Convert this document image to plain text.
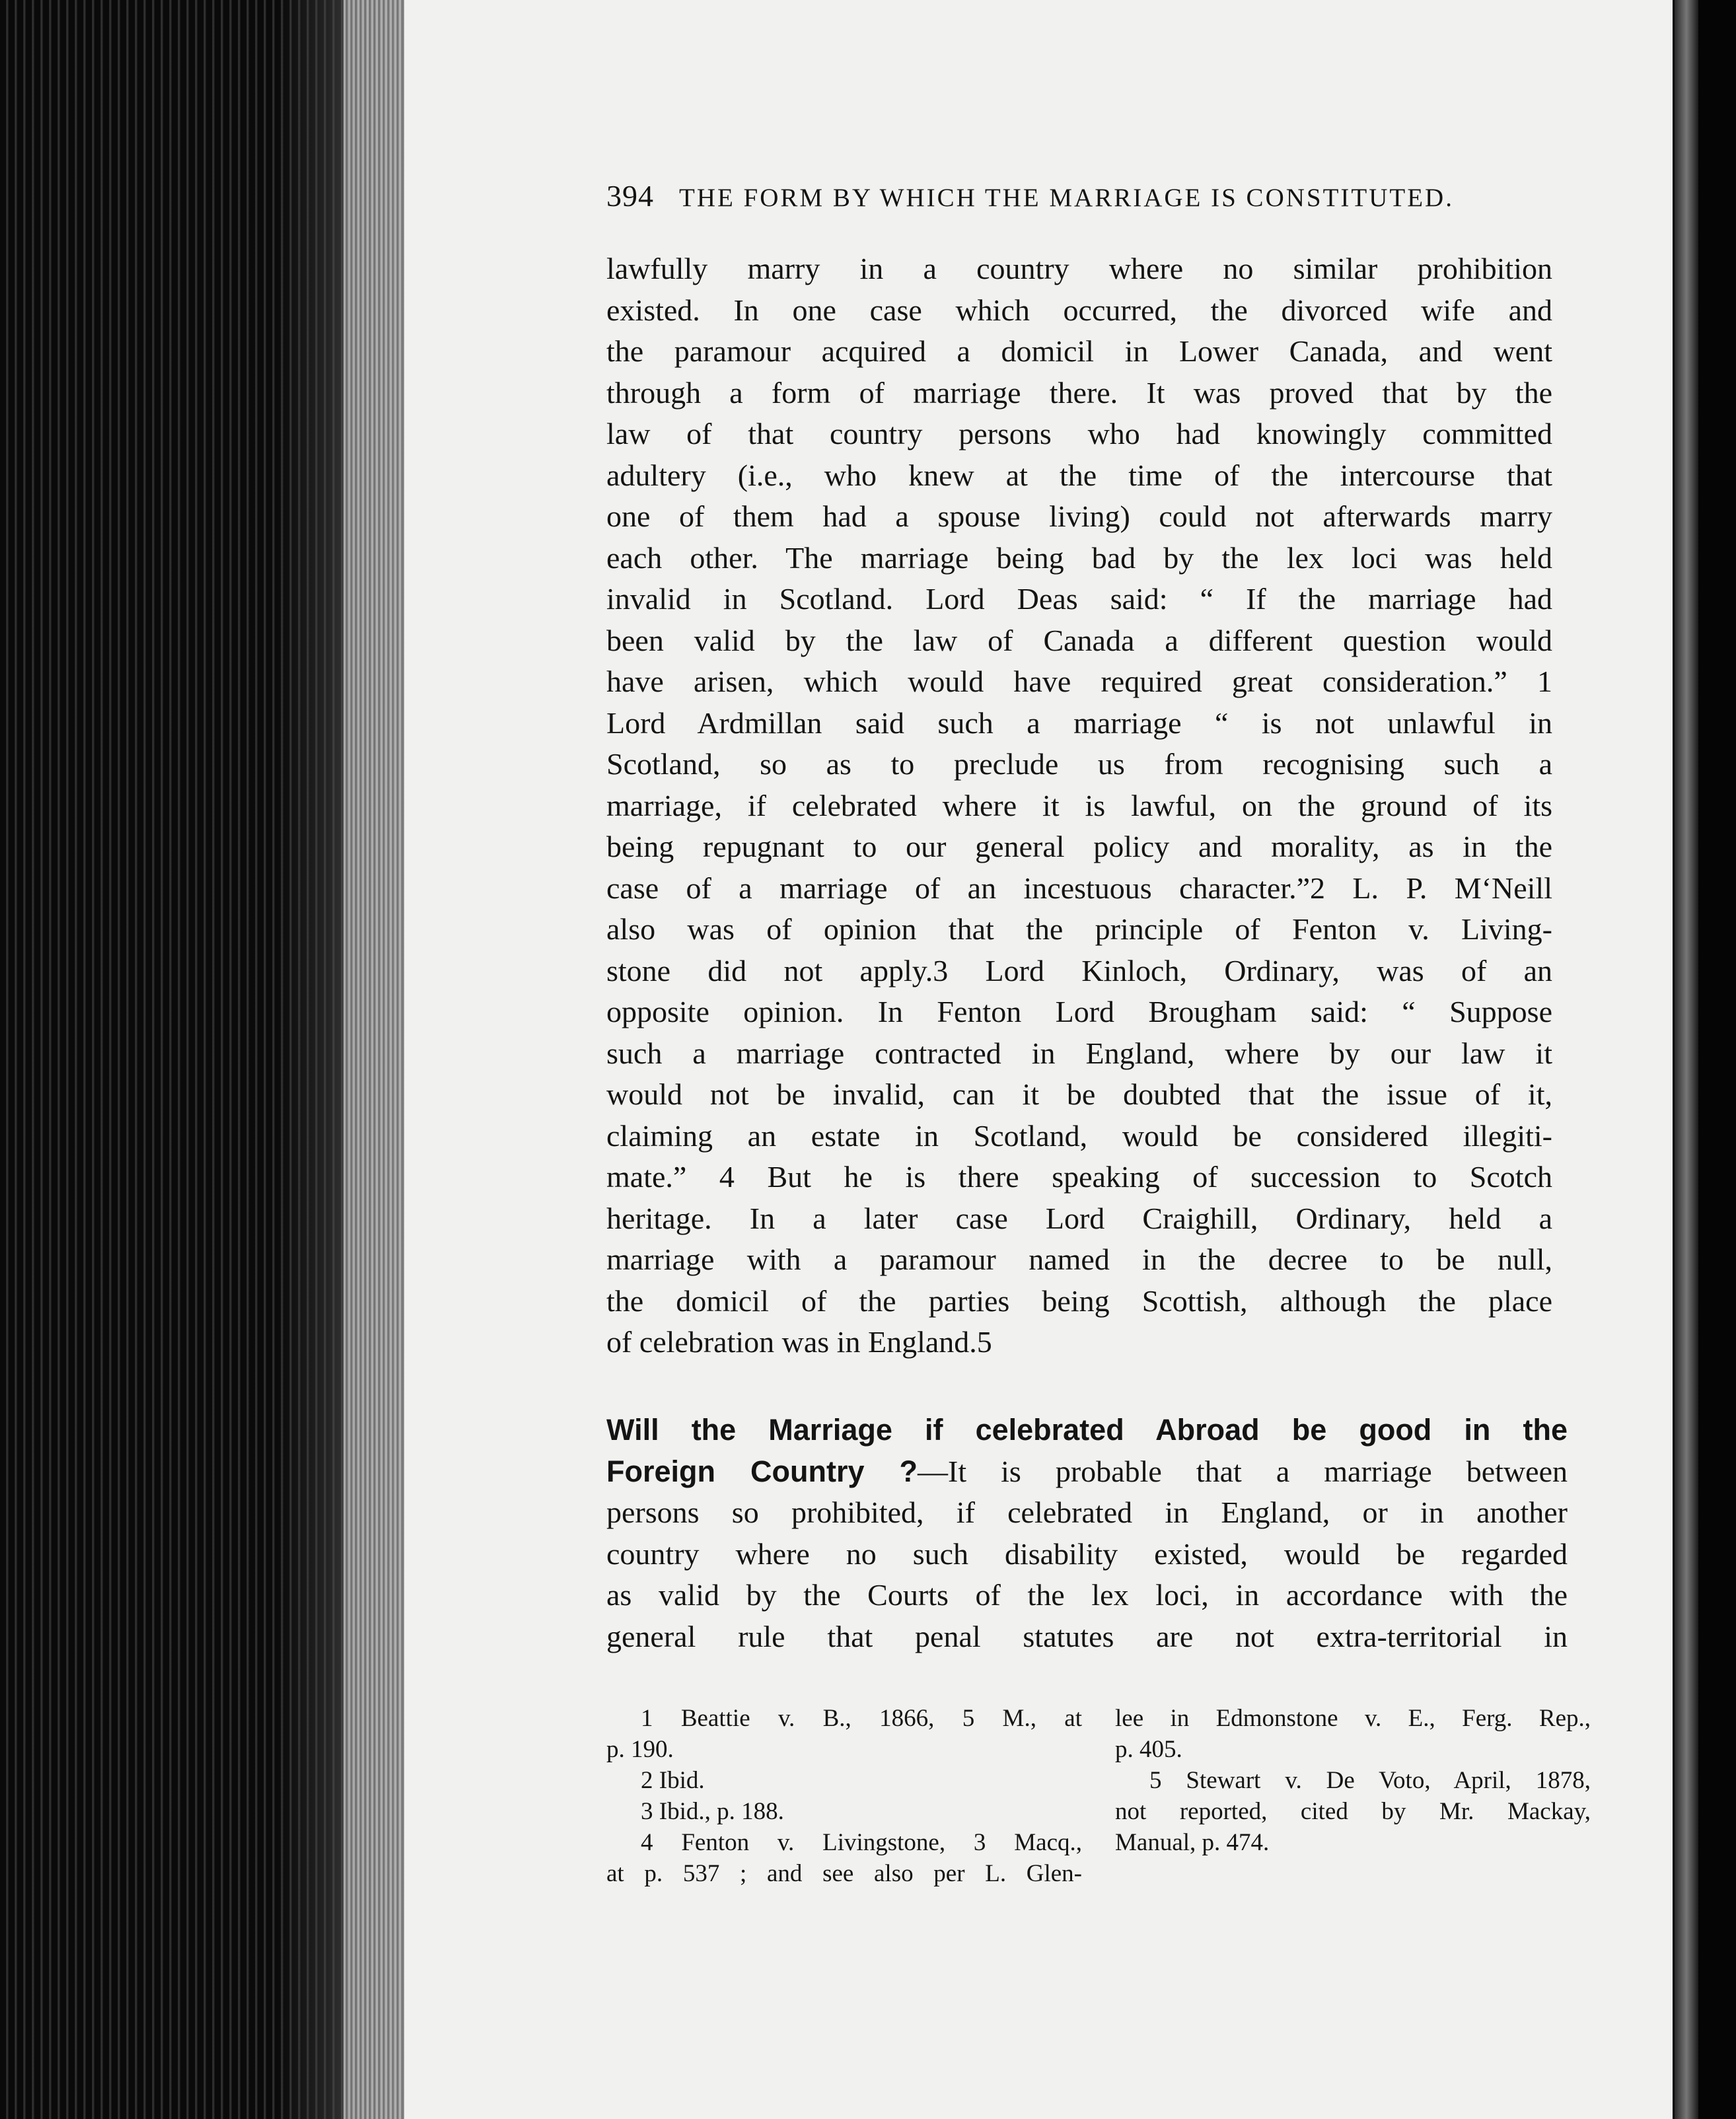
394 THE FORM BY WHICH THE MARRIAGE IS CONSTITUTED.
lawfully marry in a country where no similar prohibition
existed. In one case which occurred, the divorced wife and
the paramour acquired a domicil in Lower Canada, and went
through a form of marriage there. It was proved that by the
law of that country persons who had knowingly committed
adultery (i.e., who knew at the time of the intercourse that
one of them had a spouse living) could not afterwards marry
each other. The marriage being bad by the lex loci was held
invalid in Scotland. Lord Deas said: “ If the marriage had
been valid by the law of Canada a different question would
have arisen, which would have required great consideration.” 1
Lord Ardmillan said such a marriage “ is not unlawful in
Scotland, so as to preclude us from recognising such a
marriage, if celebrated where it is lawful, on the ground of its
being repugnant to our general policy and morality, as in the
case of a marriage of an incestuous character.”2 L. P. M‘Neill
also was of opinion that the principle of Fenton v. Living-
stone did not apply.3 Lord Kinloch, Ordinary, was of an
opposite opinion. In Fenton Lord Brougham said: “ Suppose
such a marriage contracted in England, where by our law it
would not be invalid, can it be doubted that the issue of it,
claiming an estate in Scotland, would be considered illegiti-
mate.” 4 But he is there speaking of succession to Scotch
heritage. In a later case Lord Craighill, Ordinary, held a
marriage with a paramour named in the decree to be null,
the domicil of the parties being Scottish, although the place
of celebration was in England.5
Will the Marriage if celebrated Abroad be good in the
Foreign Country ?—It is probable that a marriage between
persons so prohibited, if celebrated in England, or in another
country where no such disability existed, would be regarded
as valid by the Courts of the lex loci, in accordance with the
general rule that penal statutes are not extra-territorial in
1 Beattie v. B., 1866, 5 M., at
p. 190.
2 Ibid.
3 Ibid., p. 188.
4 Fenton v. Livingstone, 3 Macq.,
at p. 537 ; and see also per L. Glen-
lee in Edmonstone v. E., Ferg. Rep.,
p. 405.
5 Stewart v. De Voto, April, 1878,
not reported, cited by Mr. Mackay,
Manual, p. 474.
